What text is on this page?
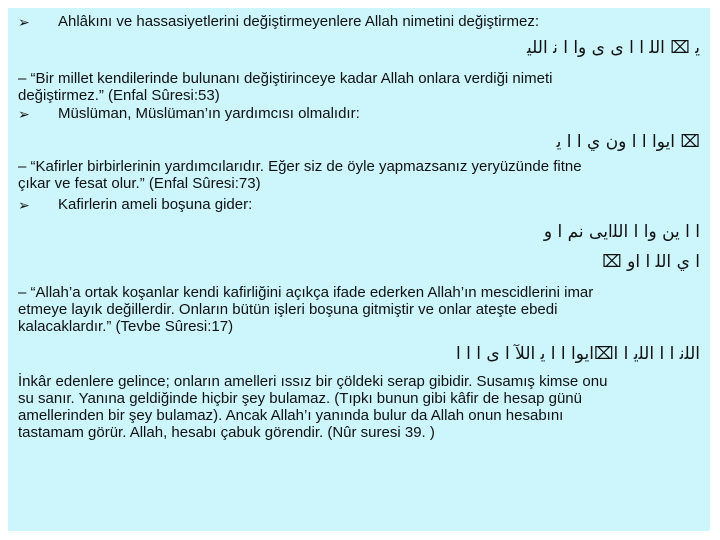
➢ Ahlâkını ve hassasiyetlerini değiştirmeyenlere Allah nimetini değiştirmez:
ﻳ ⌧ ﺍﻟﻠ ﺍ ﺍ ﻯ ﻯ ﻭﺍ ﺍ ﻧ ﺍﻟﻠﻴ

– “Bir millet kendilerinde bulunanı değiştirinceye kadar Allah onlara verdiği nimeti

değiştirmez.” (Enfal Sûresi:53)

➢ Müslüman, Müslüman’ın yardımcısı olmalıdır:
⌧ ﺍﻳﻮﺍ ﺍ ﺍ ﻭﻥ ﻱ ﺍ ﺍ ﻳ

– “Kafirler birbirlerinin yardımcılarıdır. Eğer siz de öyle yapmazsanız yeryüzünde fitne

çıkar ve fesat olur.” (Enfal Sûresi:73)

➢ Kafirlerin ameli boşuna gider:
ﺍ ﺍ ﻳﻦ ﻭﺍ ﺍ ﺍﻟﻠﺍﻳﻰ ﻧﻢ ﺍ ﻭ
ﺍ ﻱ ﺍﻟﻠ ﺍ ﺍﻭ ⌧

– “Allah’a ortak koşanlar kendi kafirliğini açıkça ifade ederken Allah’ın mescidlerini imar

etmeye layık değillerdir. Onların bütün işleri boşuna gitmiştir ve onlar ateşte ebedi

kalacaklardır.” (Tevbe Sûresi:17)

ﺍﻟﻠﻧ ﺍ ﺍ ﺍﻟﻠﻳ ﺍ ﺍ⌧ﺍﻳﻮﺍ ﺍ ﺍ ﻳ ﺍﻟﻶ ﺍ ﻯ ﺍ ﺍ ﺍ

İnkâr edenlere gelince; onların amelleri ıssız bir çöldeki serap gibidir. Susamış kimse onu

su sanır. Yanına geldiğinde hiçbir şey bulamaz. (Tıpkı bunun gibi kâfir de hesap günü

amellerinden bir şey bulamaz). Ancak Allah’ı yanında bulur da Allah onun hesabını

tastamam görür. Allah, hesabı çabuk görendir. (Nûr suresi 39. )
